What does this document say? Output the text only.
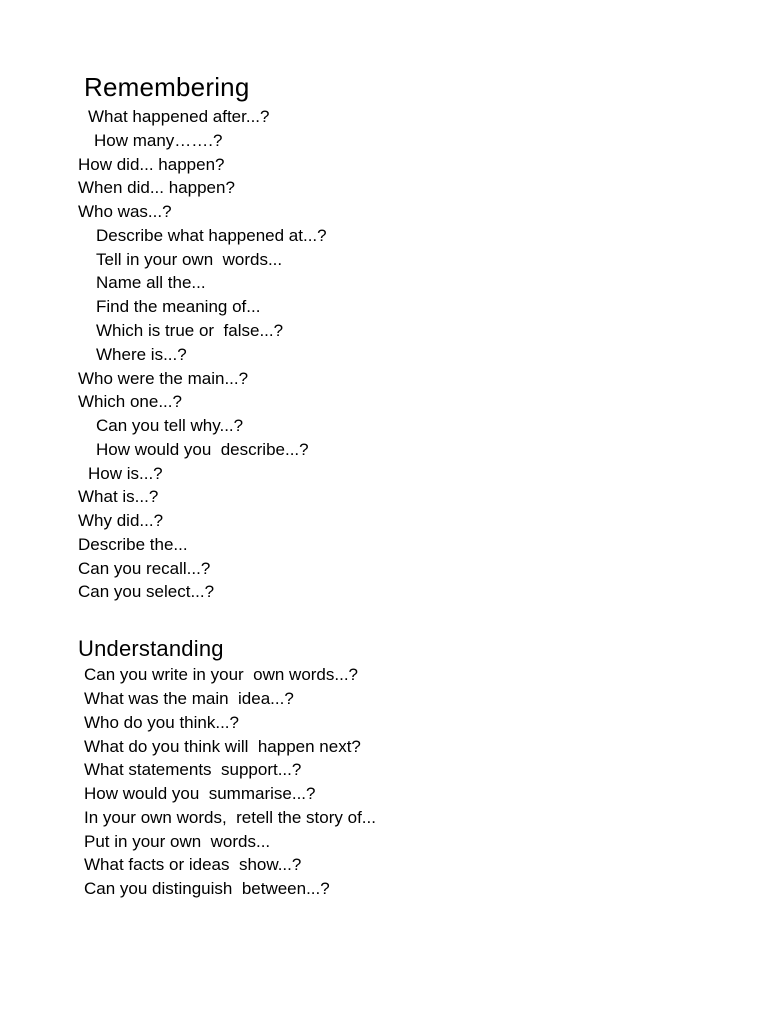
Remembering
What happened after...?
How many…….?
How did... happen?
When did... happen?
Who was...?
Describe what happened at...?
Tell in your own  words...
Name all the...
Find the meaning of...
Which is true or  false...?
Where is...?
Who were the main...?
Which one...?
Can you tell why...?
How would you  describe...?
How is...?
What is...?
Why did...?
Describe the...
Can you recall...?
Can you select...?
Understanding
Can you write in your  own words...?
What was the main  idea...?
Who do you think...?
What do you think will  happen next?
What statements  support...?
How would you  summarise...?
In your own words,  retell the story of...
Put in your own  words...
What facts or ideas  show...?
Can you distinguish  between...?
